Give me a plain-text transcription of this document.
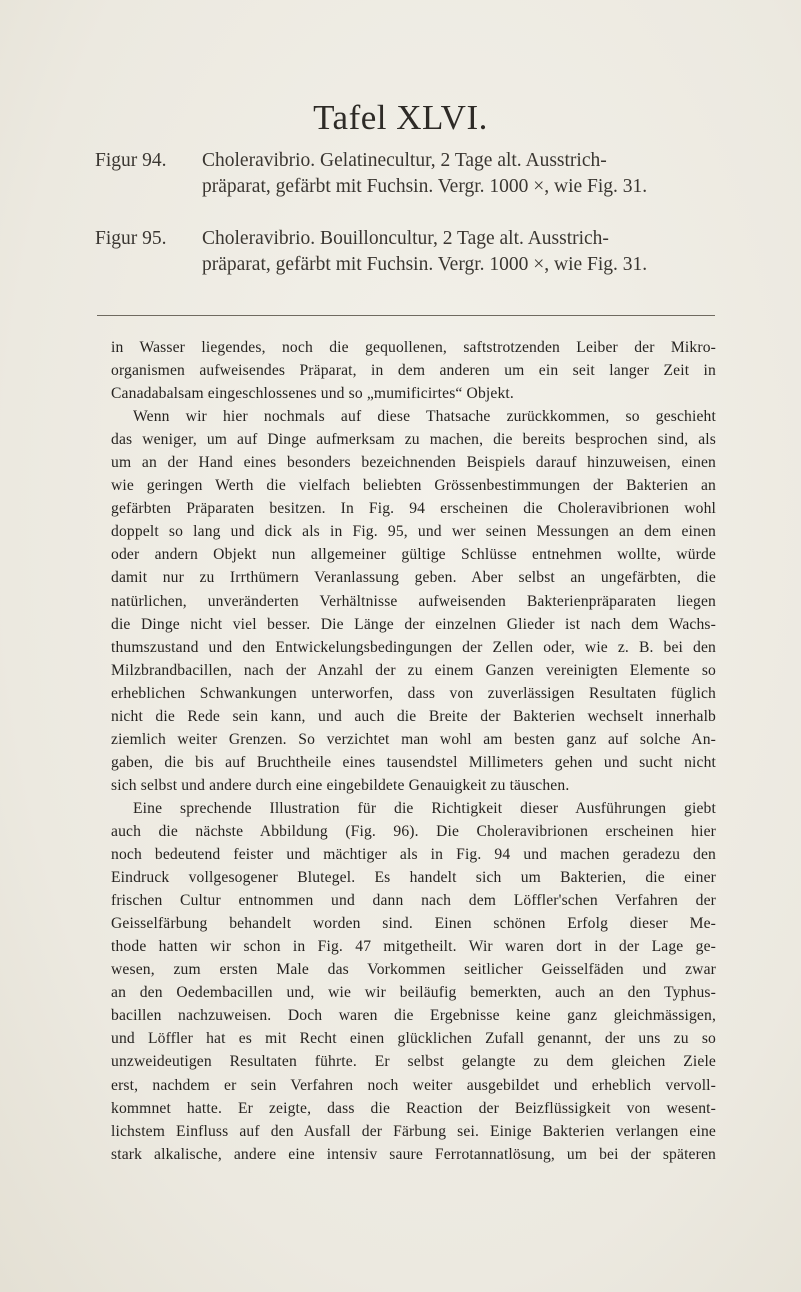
Tafel XLVI.
Figur 94. Choleravibrio. Gelatinecultur, 2 Tage alt. Ausstrich-
präparat, gefärbt mit Fuchsin. Vergr. 1000 ×, wie Fig. 31.
Figur 95. Choleravibrio. Bouilloncultur, 2 Tage alt. Ausstrich-
präparat, gefärbt mit Fuchsin. Vergr. 1000 ×, wie Fig. 31.
in Wasser liegendes, noch die gequollenen, saftstrotzenden Leiber der Mikro-
organismen aufweisendes Präparat, in dem anderen um ein seit langer Zeit in
Canadabalsam eingeschlossenes und so „mumificirtes“ Objekt.
Wenn wir hier nochmals auf diese Thatsache zurückkommen, so geschieht
das weniger, um auf Dinge aufmerksam zu machen, die bereits besprochen sind, als
um an der Hand eines besonders bezeichnenden Beispiels darauf hinzuweisen, einen
wie geringen Werth die vielfach beliebten Grössenbestimmungen der Bakterien an
gefärbten Präparaten besitzen. In Fig. 94 erscheinen die Choleravibrionen wohl
doppelt so lang und dick als in Fig. 95, und wer seinen Messungen an dem einen
oder andern Objekt nun allgemeiner gültige Schlüsse entnehmen wollte, würde
damit nur zu Irrthümern Veranlassung geben. Aber selbst an ungefärbten, die
natürlichen, unveränderten Verhältnisse aufweisenden Bakterienpräparaten liegen
die Dinge nicht viel besser. Die Länge der einzelnen Glieder ist nach dem Wachs-
thumszustand und den Entwickelungsbedingungen der Zellen oder, wie z. B. bei den
Milzbrandbacillen, nach der Anzahl der zu einem Ganzen vereinigten Elemente so
erheblichen Schwankungen unterworfen, dass von zuverlässigen Resultaten füglich
nicht die Rede sein kann, und auch die Breite der Bakterien wechselt innerhalb
ziemlich weiter Grenzen. So verzichtet man wohl am besten ganz auf solche An-
gaben, die bis auf Bruchtheile eines tausendstel Millimeters gehen und sucht nicht
sich selbst und andere durch eine eingebildete Genauigkeit zu täuschen.
Eine sprechende Illustration für die Richtigkeit dieser Ausführungen giebt
auch die nächste Abbildung (Fig. 96). Die Choleravibrionen erscheinen hier
noch bedeutend feister und mächtiger als in Fig. 94 und machen geradezu den
Eindruck vollgesogener Blutegel. Es handelt sich um Bakterien, die einer
frischen Cultur entnommen und dann nach dem Löffler'schen Verfahren der
Geisselfärbung behandelt worden sind. Einen schönen Erfolg dieser Me-
thode hatten wir schon in Fig. 47 mitgetheilt. Wir waren dort in der Lage ge-
wesen, zum ersten Male das Vorkommen seitlicher Geisselfäden und zwar
an den Oedembacillen und, wie wir beiläufig bemerkten, auch an den Typhus-
bacillen nachzuweisen. Doch waren die Ergebnisse keine ganz gleichmässigen,
und Löffler hat es mit Recht einen glücklichen Zufall genannt, der uns zu so
unzweideutigen Resultaten führte. Er selbst gelangte zu dem gleichen Ziele
erst, nachdem er sein Verfahren noch weiter ausgebildet und erheblich vervoll-
kommnet hatte. Er zeigte, dass die Reaction der Beizflüssigkeit von wesent-
lichstem Einfluss auf den Ausfall der Färbung sei. Einige Bakterien verlangen eine
stark alkalische, andere eine intensiv saure Ferrotannatlösung, um bei der späteren
